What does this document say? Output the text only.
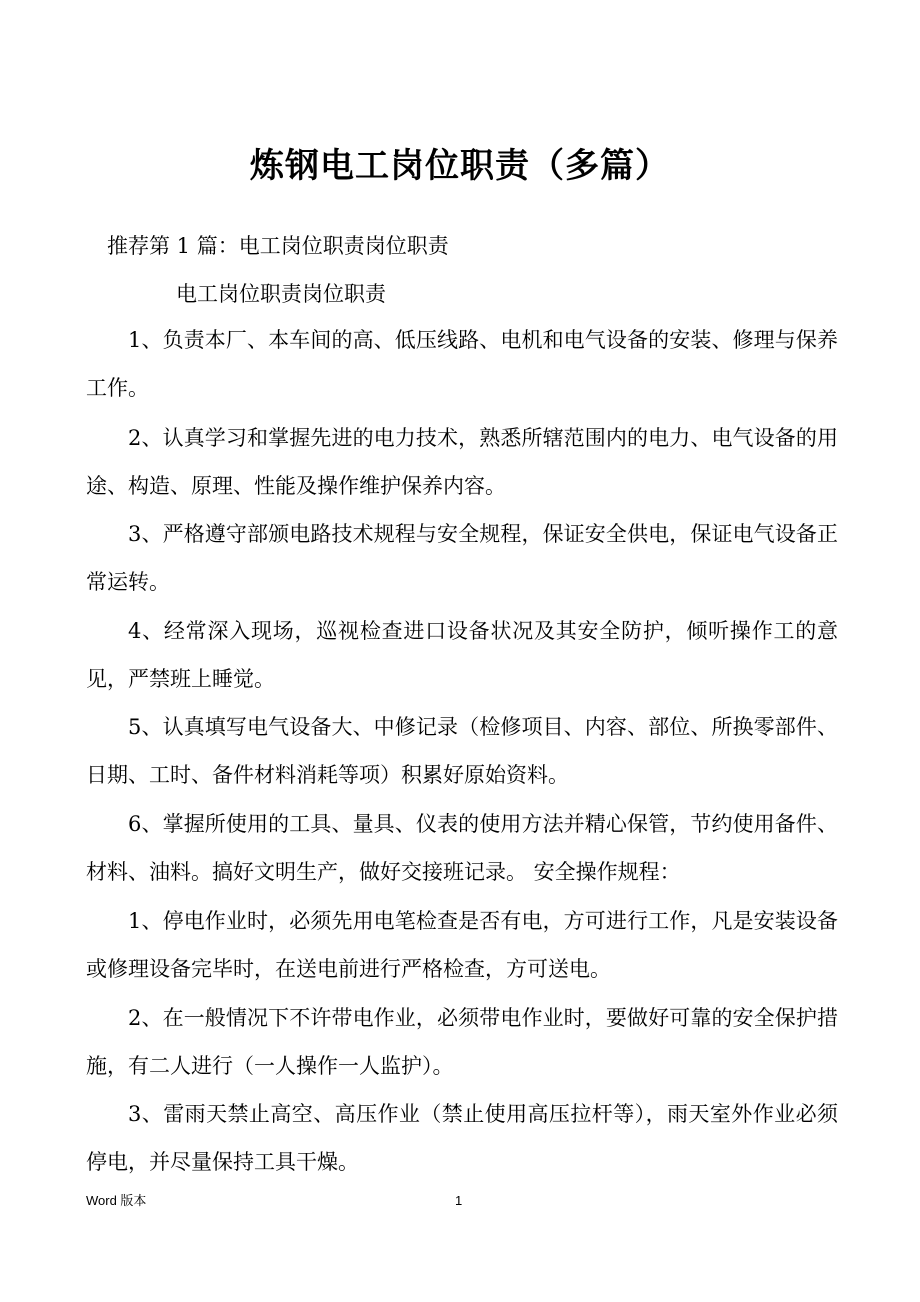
炼钢电工岗位职责（多篇）
推荐第 1 篇：电工岗位职责岗位职责
电工岗位职责岗位职责

1、负责本厂、本车间的高、低压线路、电机和电气设备的安装、修理与保养工作。

2、认真学习和掌握先进的电力技术，熟悉所辖范围内的电力、电气设备的用途、构造、原理、性能及操作维护保养内容。

3、严格遵守部颁电路技术规程与安全规程，保证安全供电，保证电气设备正常运转。

4、经常深入现场，巡视检查进口设备状况及其安全防护，倾听操作工的意见，严禁班上睡觉。

5、认真填写电气设备大、中修记录（检修项目、内容、部位、所换零部件、日期、工时、备件材料消耗等项）积累好原始资料。

6、掌握所使用的工具、量具、仪表的使用方法并精心保管，节约使用备件、材料、油料。搞好文明生产，做好交接班记录。 安全操作规程：

1、停电作业时，必须先用电笔检查是否有电，方可进行工作，凡是安装设备或修理设备完毕时，在送电前进行严格检查，方可送电。

2、在一般情况下不许带电作业，必须带电作业时，要做好可靠的安全保护措施，有二人进行（一人操作一人监护）。

3、雷雨天禁止高空、高压作业（禁止使用高压拉杆等），雨天室外作业必须停电，并尽量保持工具干燥。

Word 版本	1
